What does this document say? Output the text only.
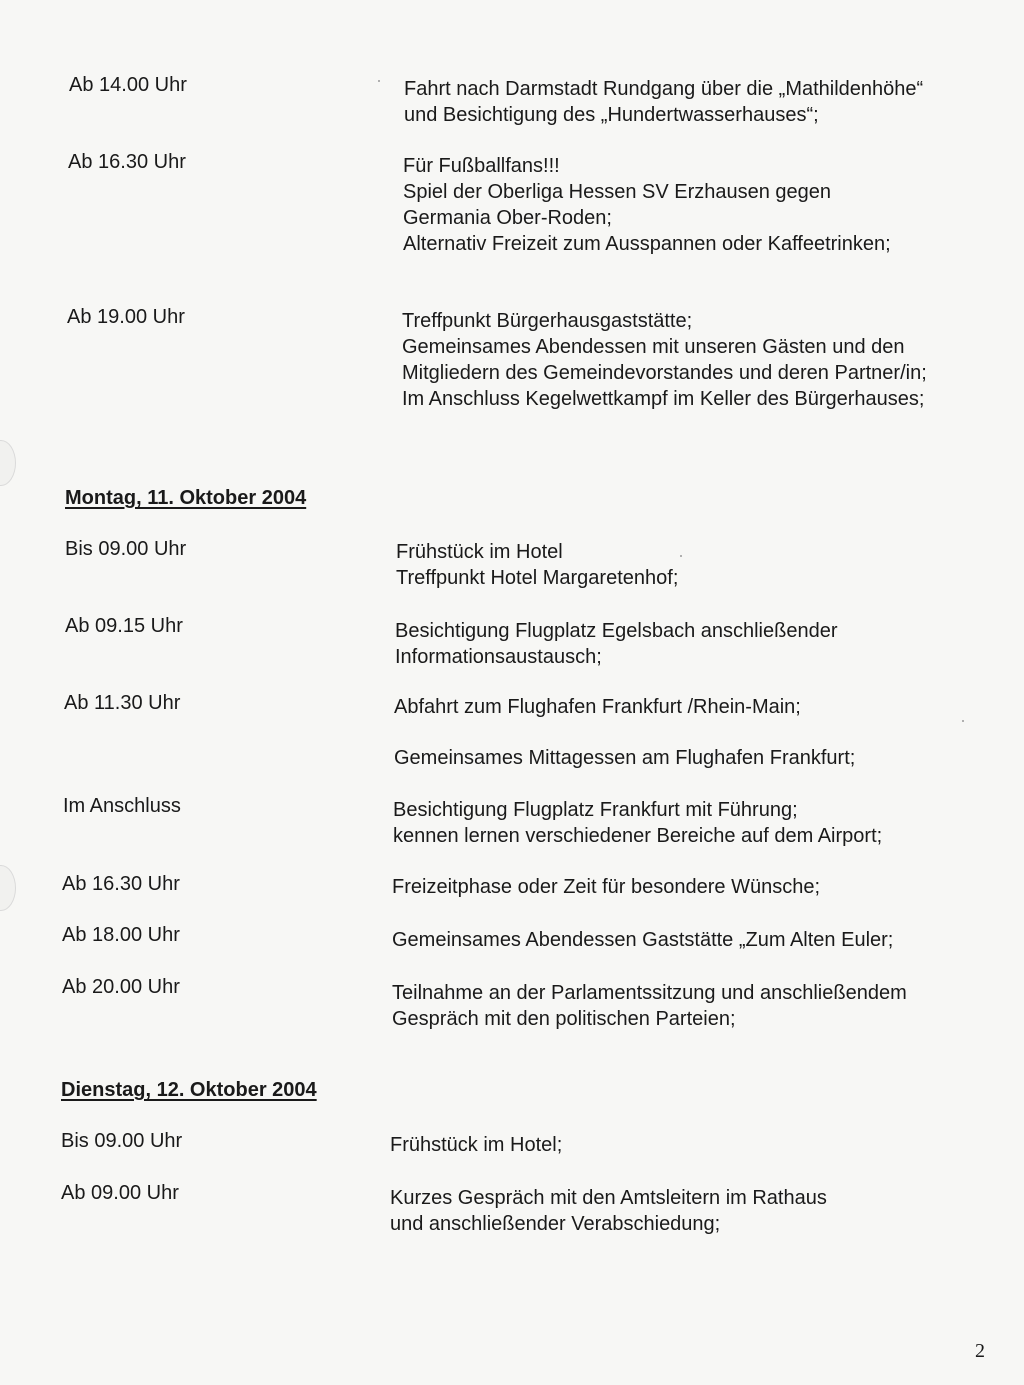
Ab 14.00 Uhr	Fahrt nach Darmstadt Rundgang über die „Mathildenhöhe“
und Besichtigung des „Hundertwasserhauses“;
Ab 16.30 Uhr	Für Fußballfans!!!
Spiel der Oberliga Hessen SV Erzhausen gegen
Germania Ober-Roden;
Alternativ Freizeit zum Ausspannen oder Kaffeetrinken;
Ab 19.00 Uhr	Treffpunkt Bürgerhausgaststätte;
Gemeinsames Abendessen mit unseren Gästen und den
Mitgliedern des Gemeindevorstandes und deren Partner/in;
Im Anschluss Kegelwettkampf im Keller des Bürgerhauses;
Montag, 11. Oktober 2004
Bis 09.00 Uhr	Frühstück im Hotel
Treffpunkt Hotel Margaretenhof;
Ab 09.15 Uhr	Besichtigung Flugplatz Egelsbach anschließender
Informationsaustausch;
Ab 11.30 Uhr	Abfahrt zum Flughafen Frankfurt /Rhein-Main;
Gemeinsames Mittagessen am Flughafen Frankfurt;
Im Anschluss	Besichtigung Flugplatz Frankfurt mit Führung;
kennen lernen verschiedener Bereiche auf dem Airport;
Ab 16.30 Uhr	Freizeitphase oder Zeit für besondere Wünsche;
Ab 18.00 Uhr	Gemeinsames Abendessen Gaststätte „Zum Alten Euler;
Ab 20.00 Uhr	Teilnahme an der Parlamentssitzung und anschließendem
Gespräch mit den politischen Parteien;
Dienstag, 12. Oktober 2004
Bis 09.00 Uhr	Frühstück im Hotel;
Ab 09.00 Uhr	Kurzes Gespräch mit den Amtsleitern im Rathaus
und anschließender Verabschiedung;
2
